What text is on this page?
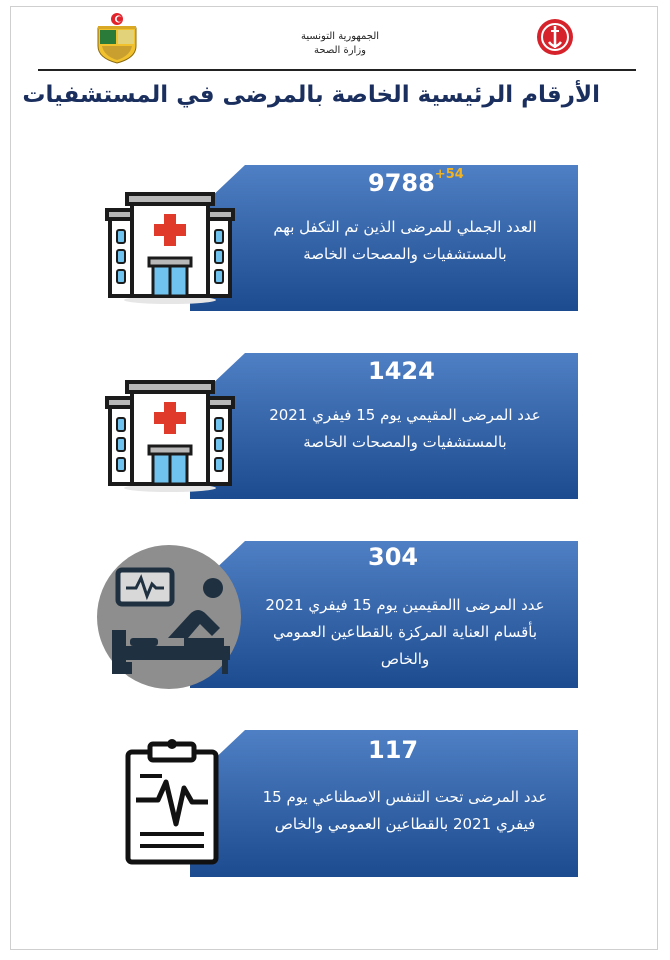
الجمهورية التونسية
وزارة الصحة
الأرقام الرئيسية الخاصة بالمرضى في المستشفيات
$9788^{+54}$
العدد الجملي للمرضى الذين تم التكفل بهم بالمستشفيات والمصحات الخاصة
1424
عدد المرضى المقيمي يوم 15 فيفري 2021 بالمستشفيات والمصحات الخاصة
304
عدد المرضى االمقيمين يوم 15 فيفري 2021 بأقسام العناية المركزة بالقطاعين العمومي والخاص
117
عدد المرضى تحت التنفس الاصطناعي يوم 15 فيفري 2021 بالقطاعين العمومي والخاص
